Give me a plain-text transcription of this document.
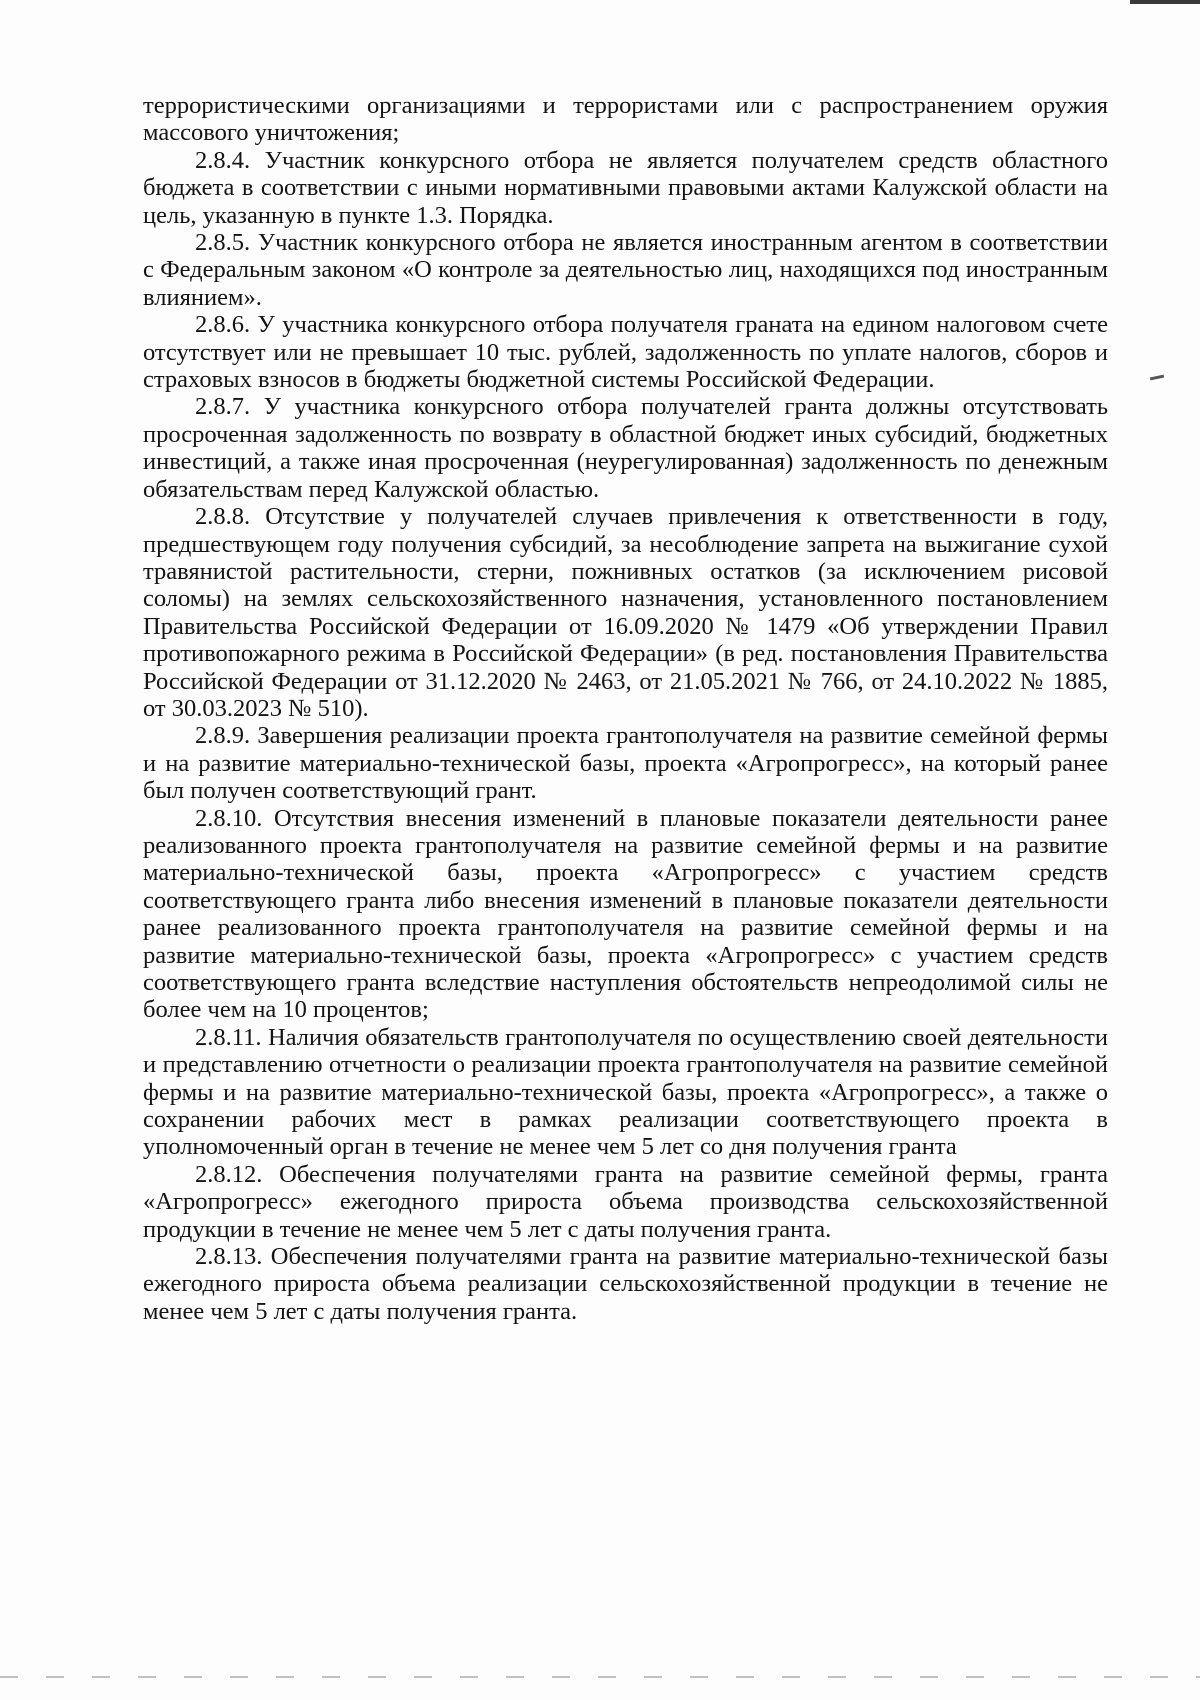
террористическими организациями и террористами или с распространением оружия массового уничтожения;

2.8.4. Участник конкурсного отбора не является получателем средств областного бюджета в соответствии с иными нормативными правовыми актами Калужской области на цель, указанную в пункте 1.3. Порядка.

2.8.5. Участник конкурсного отбора не является иностранным агентом в соответствии с Федеральным законом «О контроле за деятельностью лиц, находящихся под иностранным влиянием».

2.8.6. У участника конкурсного отбора получателя граната на едином налоговом счете отсутствует или не превышает 10 тыс. рублей, задолженность по уплате налогов, сборов и страховых взносов в бюджеты бюджетной системы Российской Федерации.

2.8.7. У участника конкурсного отбора получателей гранта должны отсутствовать просроченная задолженность по возврату в областной бюджет иных субсидий, бюджетных инвестиций, а также иная просроченная (неурегулированная) задолженность по денежным обязательствам перед Калужской областью.

2.8.8. Отсутствие у получателей случаев привлечения к ответственности в году, предшествующем году получения субсидий, за несоблюдение запрета на выжигание сухой травянистой растительности, стерни, пожнивных остатков (за исключением рисовой соломы) на землях сельскохозяйственного назначения, установленного постановлением Правительства Российской Федерации от 16.09.2020 № 1479 «Об утверждении Правил противопожарного режима в Российской Федерации» (в ред. постановления Правительства Российской Федерации от 31.12.2020 № 2463, от 21.05.2021 № 766, от 24.10.2022 № 1885, от 30.03.2023 № 510).

2.8.9. Завершения реализации проекта грантополучателя на развитие семейной фермы и на развитие материально-технической базы, проекта «Агропрогресс», на который ранее был получен соответствующий грант.

2.8.10. Отсутствия внесения изменений в плановые показатели деятельности ранее реализованного проекта грантополучателя на развитие семейной фермы и на развитие материально-технической базы, проекта «Агропрогресс» с участием средств соответствующего гранта либо внесения изменений в плановые показатели деятельности ранее реализованного проекта грантополучателя на развитие семейной фермы и на развитие материально-технической базы, проекта «Агропрогресс» с участием средств соответствующего гранта вследствие наступления обстоятельств непреодолимой силы не более чем на 10 процентов;

2.8.11. Наличия обязательств грантополучателя по осуществлению своей деятельности и представлению отчетности о реализации проекта грантополучателя на развитие семейной фермы и на развитие материально-технической базы, проекта «Агропрогресс», а также о сохранении рабочих мест в рамках реализации соответствующего проекта в уполномоченный орган в течение не менее чем 5 лет со дня получения гранта

2.8.12. Обеспечения получателями гранта на развитие семейной фермы, гранта «Агропрогресс» ежегодного прироста объема производства сельскохозяйственной продукции в течение не менее чем 5 лет с даты получения гранта.

2.8.13. Обеспечения получателями гранта на развитие материально-технической базы ежегодного прироста объема реализации сельскохозяйственной продукции в течение не менее чем 5 лет с даты получения гранта.
